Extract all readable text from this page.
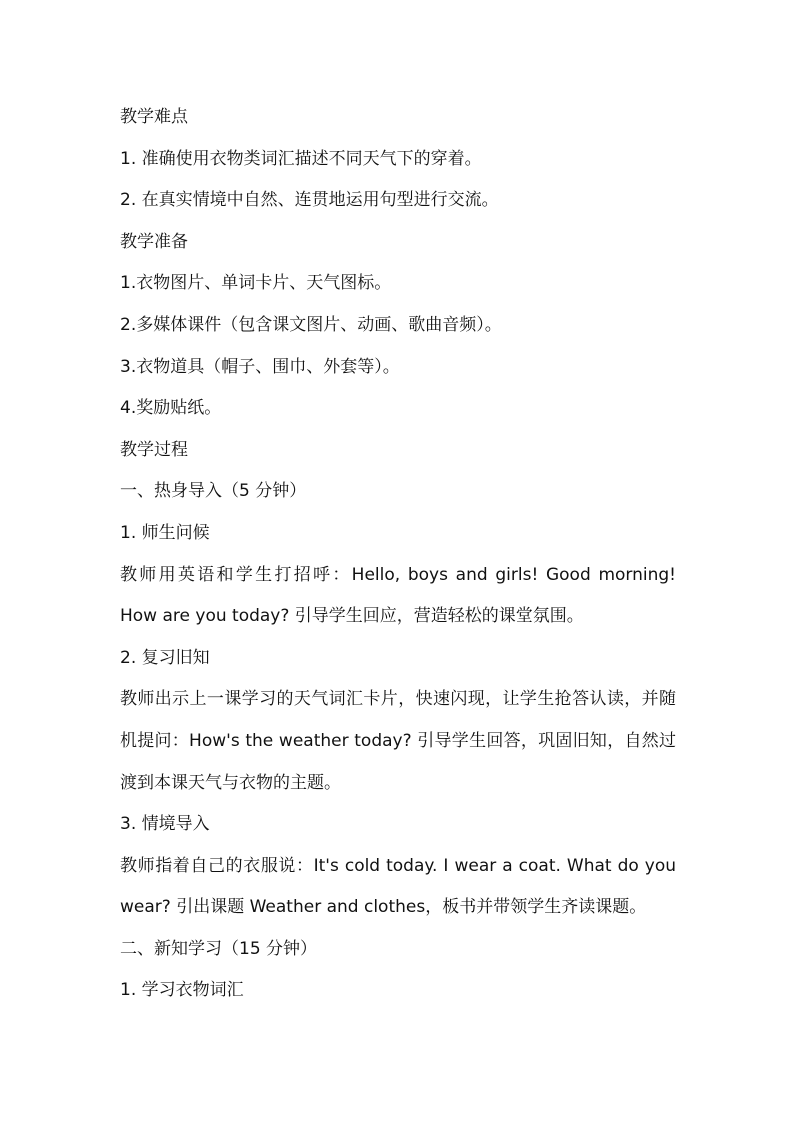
教学难点
1. 准确使用衣物类词汇描述不同天气下的穿着。
2. 在真实情境中自然、连贯地运用句型进行交流。
教学准备
1.衣物图片、单词卡片、天气图标。
2.多媒体课件（包含课文图片、动画、歌曲音频）。
3.衣物道具（帽子、围巾、外套等）。
4.奖励贴纸。
教学过程
一、热身导入（5 分钟）
1. 师生问候
教师用英语和学生打招呼：Hello, boys and girls! Good morning! How are you today? 引导学生回应，营造轻松的课堂氛围。
2. 复习旧知
教师出示上一课学习的天气词汇卡片，快速闪现，让学生抢答认读，并随机提问：How's the weather today? 引导学生回答，巩固旧知，自然过渡到本课天气与衣物的主题。
3. 情境导入
教师指着自己的衣服说：It's cold today. I wear a coat. What do you wear? 引出课题 Weather and clothes，板书并带领学生齐读课题。
二、新知学习（15 分钟）
1. 学习衣物词汇
